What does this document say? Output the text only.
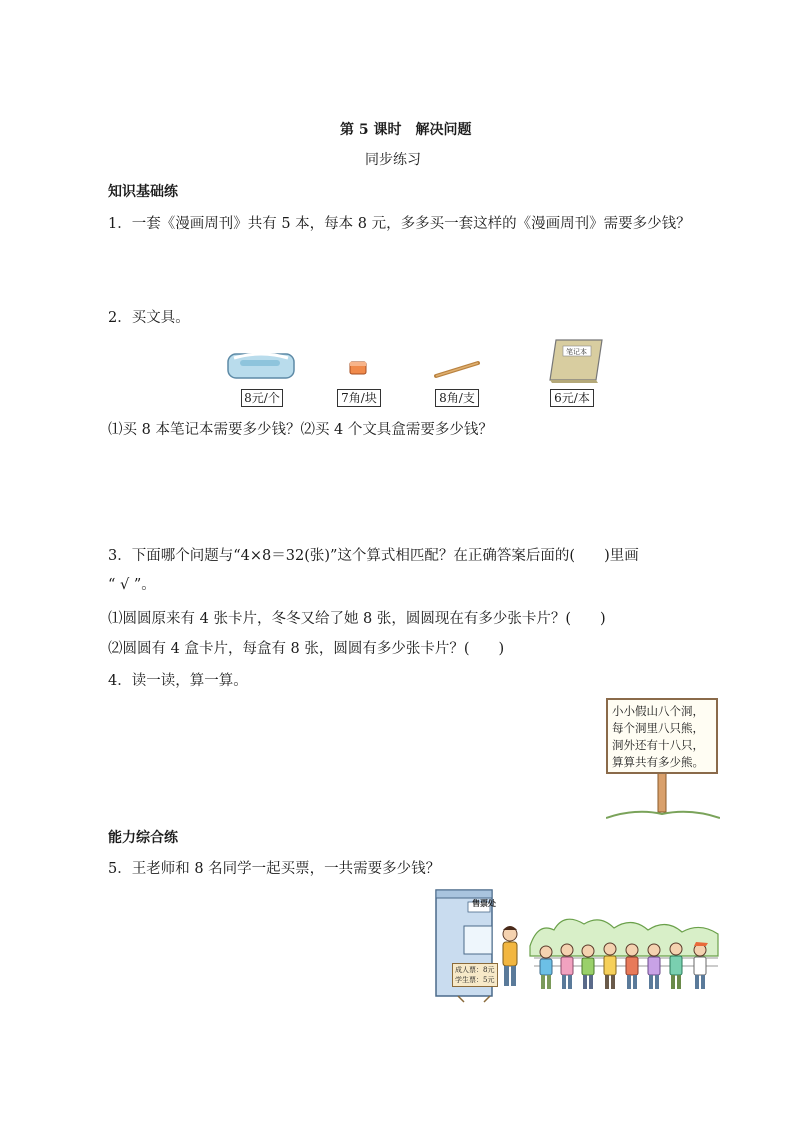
第 5 课时　解决问题
同步练习
知识基础练
1．一套《漫画周刊》共有 5 本，每本 8 元，多多买一套这样的《漫画周刊》需要多少钱？
2．买文具。
笔记本
8元/个	7角/块	8角/支	6元/本
⑴买 8 本笔记本需要多少钱？⑵买 4 个文具盒需要多少钱？
3．下面哪个问题与“4×8＝32(张)”这个算式相匹配？在正确答案后面的(　　)里画
“ √ ”。
⑴圆圆原来有 4 张卡片，冬冬又给了她 8 张，圆圆现在有多少张卡片？(　　)
⑵圆圆有 4 盒卡片，每盒有 8 张，圆圆有多少张卡片？(　　)
4．读一读，算一算。
小小假山八个洞，
每个洞里八只熊，
洞外还有十八只，
算算共有多少熊。
能力综合练
5．王老师和 8 名同学一起买票，一共需要多少钱？
售票处
成人票：8元
学生票：5元
